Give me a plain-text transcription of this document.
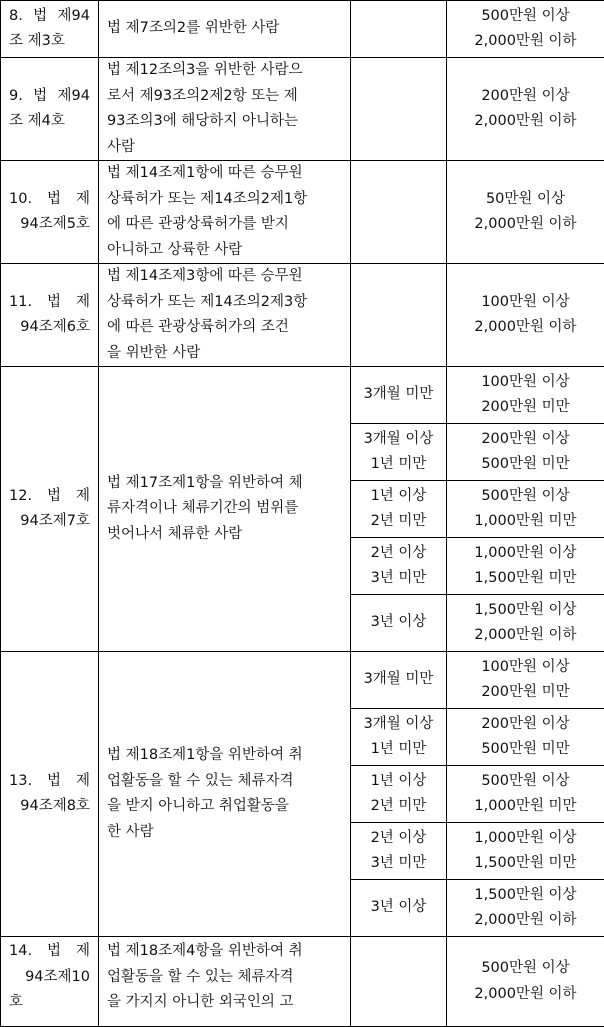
8. 법 제94
조 제3호	법 제7조의2를 위반한 사람		500만원 이상
2,000만원 이하

9. 법 제94
조 제4호	법 제12조의3을 위반한 사람으
로서 제93조의2제2항 또는 제
93조의3에 해당하지 아니하는
사람		200만원 이상
2,000만원 이하

10. 법 제
94조제5호	법 제14조제1항에 따른 승무원
상륙허가 또는 제14조의2제1항
에 따른 관광상륙허가를 받지
아니하고 상륙한 사람		50만원 이상
2,000만원 이하

11. 법 제
94조제6호	법 제14조제3항에 따른 승무원
상륙허가 또는 제14조의2제3항
에 따른 관광상륙허가의 조건
을 위반한 사람		100만원 이상
2,000만원 이하

12. 법 제
94조제7호	법 제17조제1항을 위반하여 체
류자격이나 체류기간의 범위를
벗어나서 체류한 사람	3개월 미만	100만원 이상
200만원 미만

		3개월 이상
1년 미만	200만원 이상
500만원 미만

		1년 이상
2년 미만	500만원 이상
1,000만원 미만

		2년 이상
3년 미만	1,000만원 이상
1,500만원 미만

		3년 이상	1,500만원 이상
2,000만원 이하

13. 법 제
94조제8호	법 제18조제1항을 위반하여 취
업활동을 할 수 있는 체류자격
을 받지 아니하고 취업활동을
한 사람	3개월 미만	100만원 이상
200만원 미만

		3개월 이상
1년 미만	200만원 이상
500만원 미만

		1년 이상
2년 미만	500만원 이상
1,000만원 미만

		2년 이상
3년 미만	1,000만원 이상
1,500만원 미만

		3년 이상	1,500만원 이상
2,000만원 이하

14. 법 제
94조제10
호	법 제18조제4항을 위반하여 취
업활동을 할 수 있는 체류자격
을 가지지 아니한 외국인의 고		500만원 이상
2,000만원 이하
